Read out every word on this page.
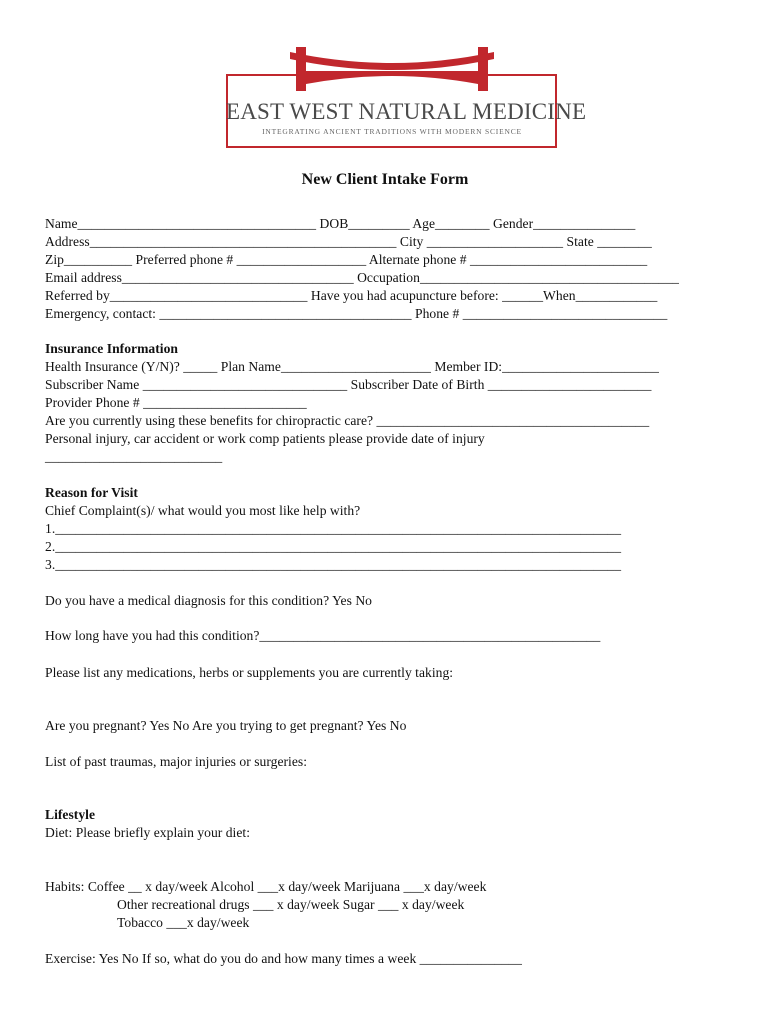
EAST WEST NATURAL MEDICINE
INTEGRATING ANCIENT TRADITIONS WITH MODERN SCIENCE
New Client Intake Form
Name___________________________________ DOB_________ Age________ Gender_______________
Address_____________________________________________ City ____________________ State ________
Zip__________ Preferred phone # ___________________ Alternate phone # __________________________
Email address__________________________________ Occupation______________________________________
Referred by_____________________________ Have you had acupuncture before: ______When____________
Emergency, contact: _____________________________________ Phone # ______________________________
Insurance Information
Health Insurance (Y/N)? _____ Plan Name______________________ Member ID:_______________________
Subscriber Name ______________________________ Subscriber Date of Birth ________________________
Provider Phone # ________________________
Are you currently using these benefits for chiropractic care? ________________________________________
Personal injury, car accident or work comp patients please provide date of injury
__________________________
Reason for Visit
Chief Complaint(s)/ what would you most like help with?
1.___________________________________________________________________________________
2.___________________________________________________________________________________
3.___________________________________________________________________________________
Do you have a medical diagnosis for this condition? Yes No
How long have you had this condition?__________________________________________________
Please list any medications, herbs or supplements you are currently taking:
Are you pregnant? Yes No Are you trying to get pregnant? Yes No
List of past traumas, major injuries or surgeries:
Lifestyle
Diet: Please briefly explain your diet:
Habits: Coffee __ x day/week Alcohol ___x day/week Marijuana ___x day/week
Other recreational drugs ___ x day/week Sugar ___ x day/week
Tobacco ___x day/week
Exercise: Yes No If so, what do you do and how many times a week _______________
